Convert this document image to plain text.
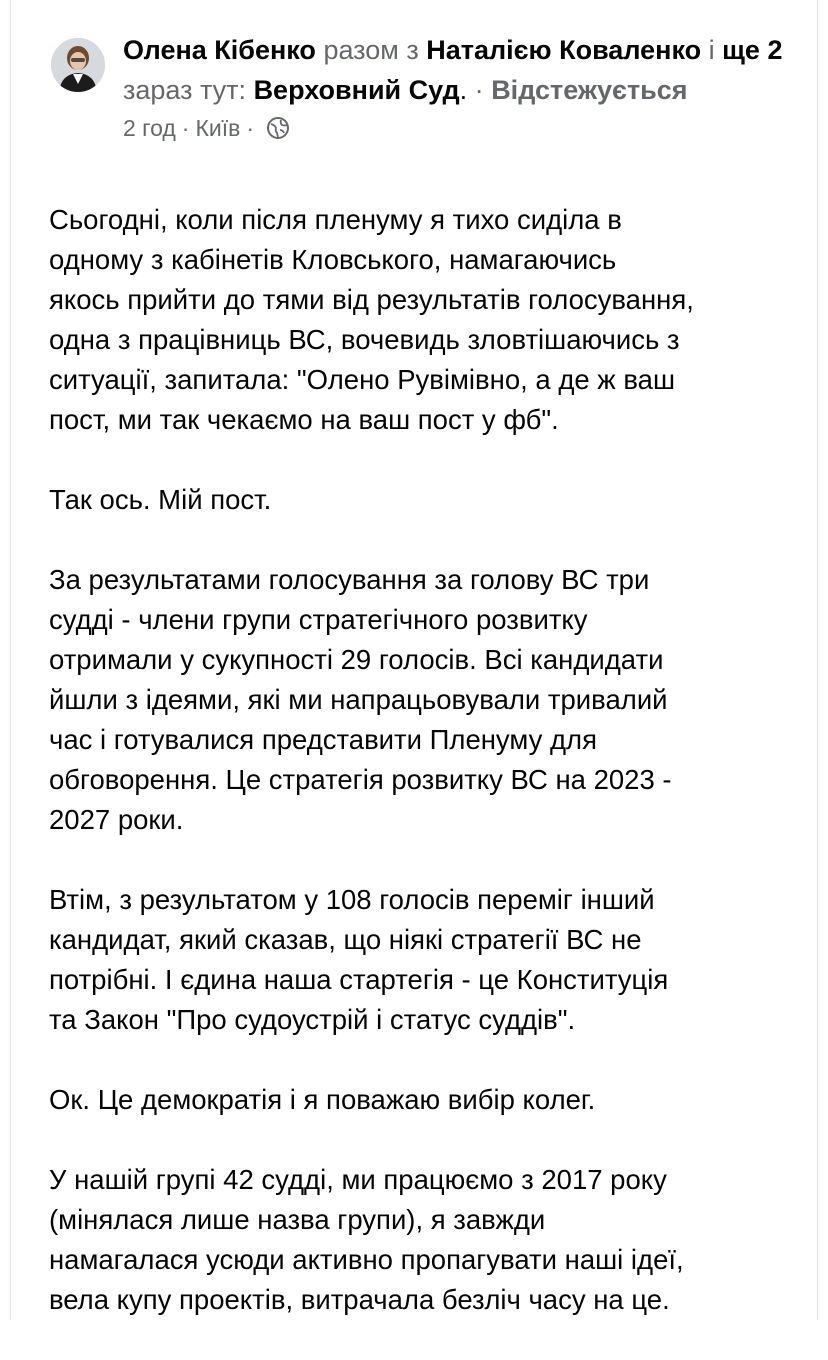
Олена Кібенко разом з Наталією Коваленко і ще 2 зараз тут: Верховний Суд. · Відстежується
2 год · Київ ·

Сьогодні, коли після пленуму я тихо сиділа в
одному з кабінетів Кловського, намагаючись
якось прийти до тями від результатів голосування,
одна з працівниць ВС, вочевидь зловтішаючись з
ситуації, запитала: "Олено Рувімівно, а де ж ваш
пост, ми так чекаємо на ваш пост у фб".

Так ось. Мій пост.

За результатами голосування за голову ВС три
судді - члени групи стратегічного розвитку
отримали у сукупності 29 голосів. Всі кандидати
йшли з ідеями, які ми напрацьовували тривалий
час і готувалися представити Пленуму для
обговорення. Це стратегія розвитку ВС на 2023 -
2027 роки.

Втім, з результатом у 108 голосів переміг інший
кандидат, який сказав, що ніякі стратегії ВС не
потрібні. І єдина наша стартегія - це Конституція
та Закон "Про судоустрій і статус суддів".

Ок. Це демократія і я поважаю вибір колег.

У нашій групі 42 судді, ми працюємо з 2017 року
(мінялася лише назва групи), я завжди
намагалася усюди активно пропагувати наші ідеї,
вела купу проектів, витрачала безліч часу на це.
